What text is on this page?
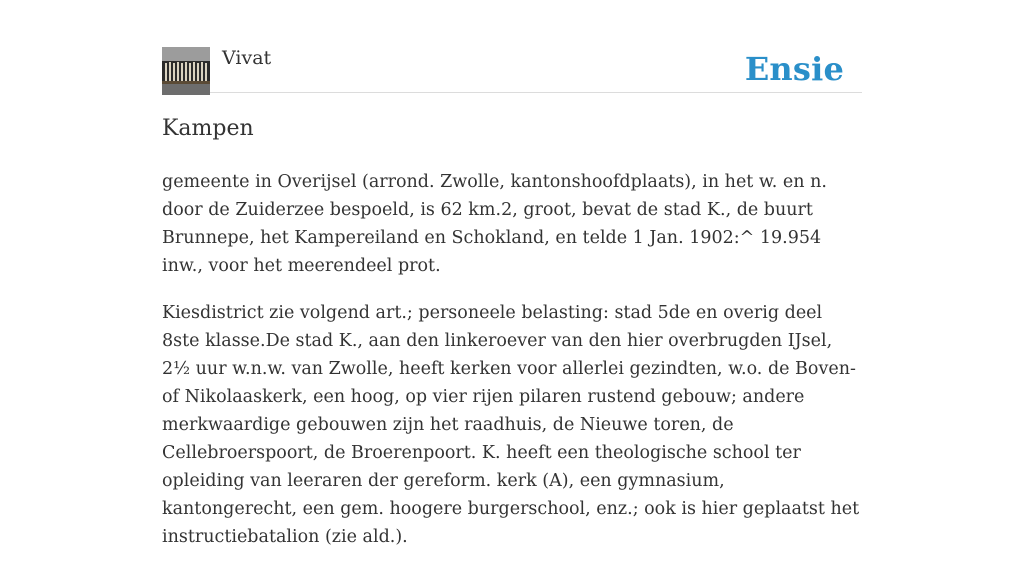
Vivat	Ensie
Kampen

gemeente in Overijsel (arrond. Zwolle, kantonshoofdplaats), in het w. en n. door de Zuiderzee bespoeld, is 62 km.2, groot, bevat de stad K., de buurt Brunnepe, het Kampereiland en Schokland, en telde 1 Jan. 1902:^ 19.954 inw., voor het meerendeel prot.

Kiesdistrict zie volgend art.; personeele belasting: stad 5de en overig deel 8ste klasse.De stad K., aan den linkeroever van den hier overbrugden IJsel, 2½ uur w.n.w. van Zwolle, heeft kerken voor allerlei gezindten, w.o. de Boven- of Nikolaaskerk, een hoog, op vier rijen pilaren rustend gebouw; andere merkwaardige gebouwen zijn het raadhuis, de Nieuwe toren, de Cellebroerspoort, de Broerenpoort. K. heeft een theologische school ter opleiding van leeraren der gereform. kerk (A), een gymnasium, kantongerecht, een gem. hoogere burgerschool, enz.; ook is hier geplaatst het instructiebatalion (zie ald.).
